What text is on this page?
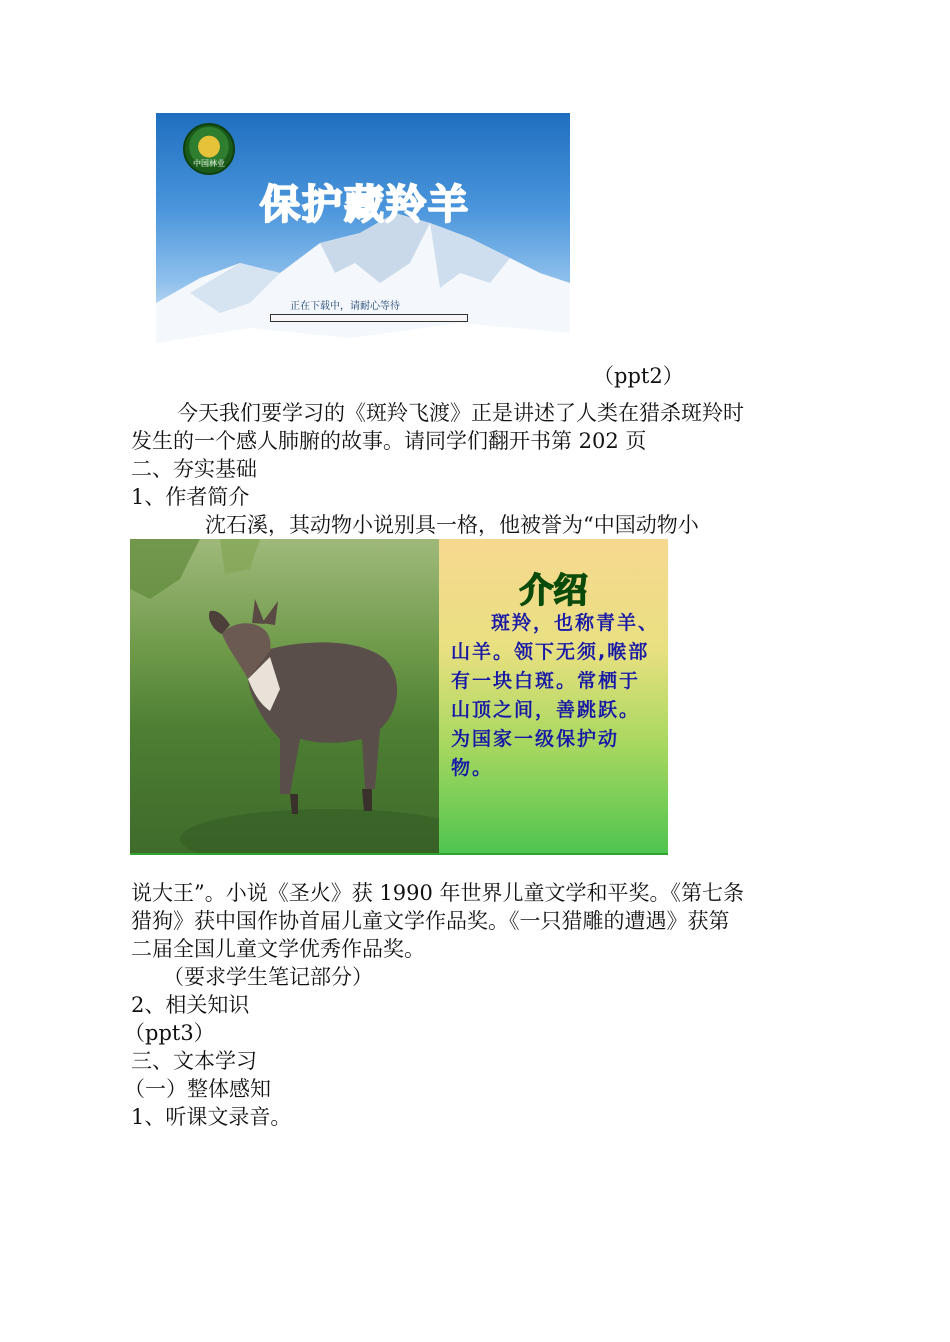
中国林业
保护藏羚羊
正在下载中，请耐心等待
（ppt2）
今天我们要学习的《斑羚飞渡》正是讲述了人类在猎杀斑羚时
发生的一个感人肺腑的故事。请同学们翻开书第 202 页
二、夯实基础
1、作者简介
沈石溪，其动物小说别具一格，他被誉为“中国动物小
介绍
斑羚，也称青羊、山羊。领下无须,喉部有一块白斑。常栖于山顶之间，善跳跃。为国家一级保护动物。
说大王”。小说《圣火》获 1990 年世界儿童文学和平奖。《第七条
猎狗》获中国作协首届儿童文学作品奖。《一只猎雕的遭遇》获第
二届全国儿童文学优秀作品奖。
（要求学生笔记部分）
2、相关知识
（ppt3）
三、文本学习
（一）整体感知
1、听课文录音。
